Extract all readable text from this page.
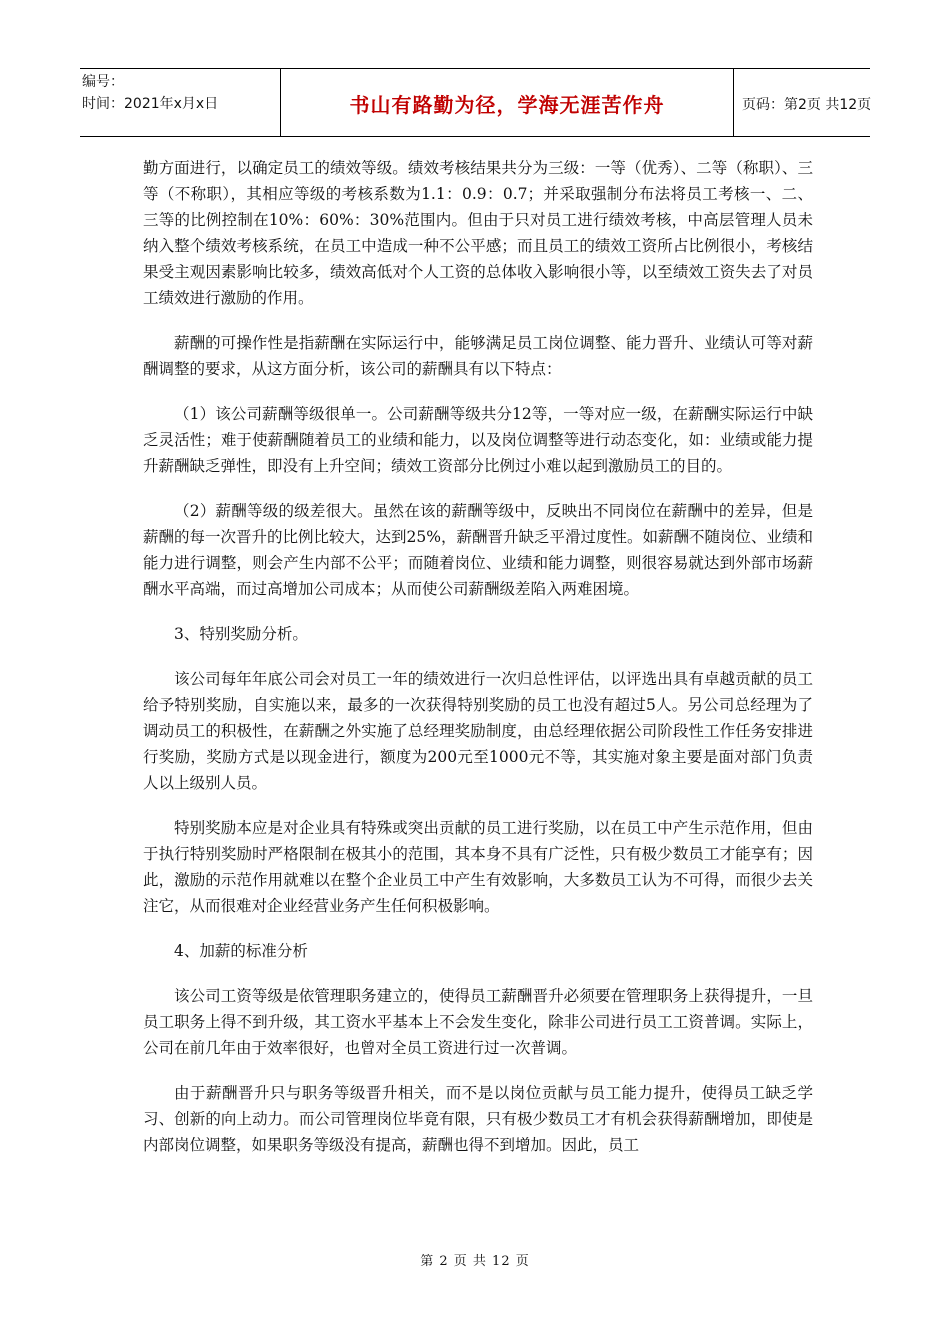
编号：
时间：2021年x月x日	书山有路勤为径，学海无涯苦作舟	页码：第2页 共12页

勤方面进行，以确定员工的绩效等级。绩效考核结果共分为三级：一等（优秀）、二等（称职）、三等（不称职），其相应等级的考核系数为1.1：0.9：0.7；并采取强制分布法将员工考核一、二、三等的比例控制在10%：60%：30%范围内。但由于只对员工进行绩效考核，中高层管理人员未纳入整个绩效考核系统，在员工中造成一种不公平感；而且员工的绩效工资所占比例很小，考核结果受主观因素影响比较多，绩效高低对个人工资的总体收入影响很小等，以至绩效工资失去了对员工绩效进行激励的作用。

薪酬的可操作性是指薪酬在实际运行中，能够满足员工岗位调整、能力晋升、业绩认可等对薪酬调整的要求，从这方面分析，该公司的薪酬具有以下特点：

（1）该公司薪酬等级很单一。公司薪酬等级共分12等，一等对应一级，在薪酬实际运行中缺乏灵活性；难于使薪酬随着员工的业绩和能力，以及岗位调整等进行动态变化，如：业绩或能力提升薪酬缺乏弹性，即没有上升空间；绩效工资部分比例过小难以起到激励员工的目的。

（2）薪酬等级的级差很大。虽然在该的薪酬等级中，反映出不同岗位在薪酬中的差异，但是薪酬的每一次晋升的比例比较大，达到25%，薪酬晋升缺乏平滑过度性。如薪酬不随岗位、业绩和能力进行调整，则会产生内部不公平；而随着岗位、业绩和能力调整，则很容易就达到外部市场薪酬水平高端，而过高增加公司成本；从而使公司薪酬级差陷入两难困境。

3、特别奖励分析。

该公司每年年底公司会对员工一年的绩效进行一次归总性评估，以评选出具有卓越贡献的员工给予特别奖励，自实施以来，最多的一次获得特别奖励的员工也没有超过5人。另公司总经理为了调动员工的积极性，在薪酬之外实施了总经理奖励制度，由总经理依据公司阶段性工作任务安排进行奖励，奖励方式是以现金进行，额度为200元至1000元不等，其实施对象主要是面对部门负责人以上级别人员。

特别奖励本应是对企业具有特殊或突出贡献的员工进行奖励，以在员工中产生示范作用，但由于执行特别奖励时严格限制在极其小的范围，其本身不具有广泛性，只有极少数员工才能享有；因此，激励的示范作用就难以在整个企业员工中产生有效影响，大多数员工认为不可得，而很少去关注它，从而很难对企业经营业务产生任何积极影响。

4、加薪的标准分析

该公司工资等级是依管理职务建立的，使得员工薪酬晋升必须要在管理职务上获得提升，一旦员工职务上得不到升级，其工资水平基本上不会发生变化，除非公司进行员工工资普调。实际上，公司在前几年由于效率很好，也曾对全员工资进行过一次普调。

由于薪酬晋升只与职务等级晋升相关，而不是以岗位贡献与员工能力提升，使得员工缺乏学习、创新的向上动力。而公司管理岗位毕竟有限，只有极少数员工才有机会获得薪酬增加，即使是内部岗位调整，如果职务等级没有提高，薪酬也得不到增加。因此，员工

第 2 页 共 12 页
